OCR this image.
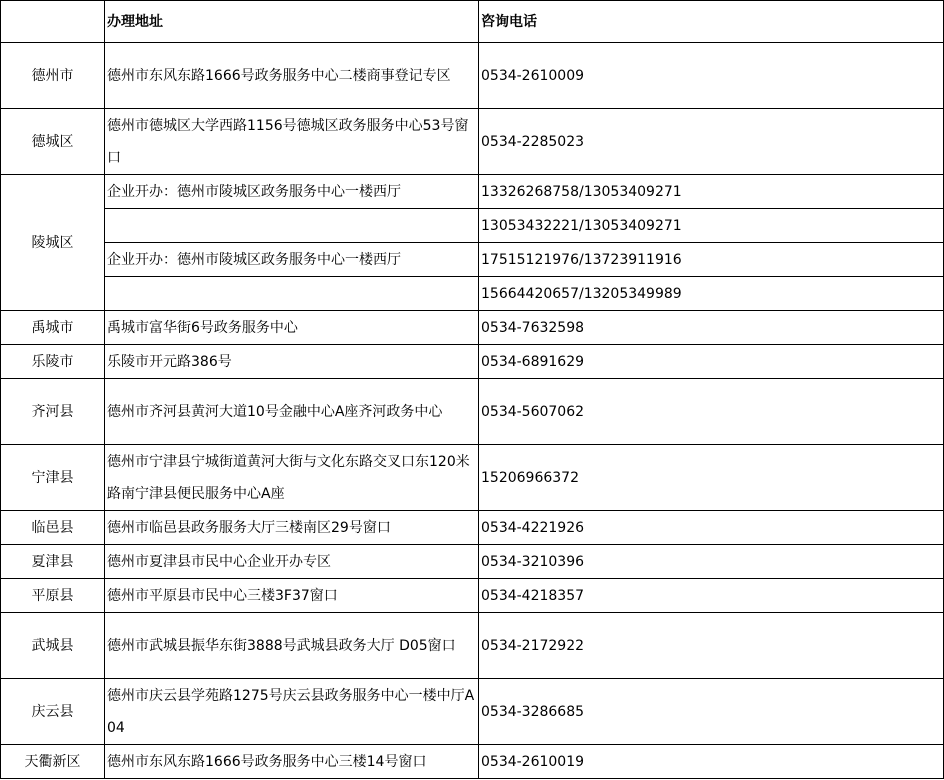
	办理地址	咨询电话
德州市	德州市东风东路1666号政务服务中心二楼商事登记专区	0534-2610009
德城区	德州市德城区大学西路1156号德城区政务服务中心53号窗口	0534-2285023
陵城区	企业开办：德州市陵城区政务服务中心一楼西厅	13326268758/13053409271
		13053432221/13053409271
	企业开办：德州市陵城区政务服务中心一楼西厅	17515121976/13723911916
		15664420657/13205349989
禹城市	禹城市富华街6号政务服务中心	0534-7632598
乐陵市	乐陵市开元路386号	0534-6891629
齐河县	德州市齐河县黄河大道10号金融中心A座齐河政务中心	0534-5607062
宁津县	德州市宁津县宁城街道黄河大街与文化东路交叉口东120米路南宁津县便民服务中心A座	15206966372
临邑县	德州市临邑县政务服务大厅三楼南区29号窗口	0534-4221926
夏津县	德州市夏津县市民中心企业开办专区	0534-3210396
平原县	德州市平原县市民中心三楼3F37窗口	0534-4218357
武城县	德州市武城县振华东街3888号武城县政务大厅 D05窗口	0534-2172922
庆云县	德州市庆云县学苑路1275号庆云县政务服务中心一楼中厅A04	0534-3286685
天衢新区	德州市东风东路1666号政务服务中心三楼14号窗口	0534-2610019
